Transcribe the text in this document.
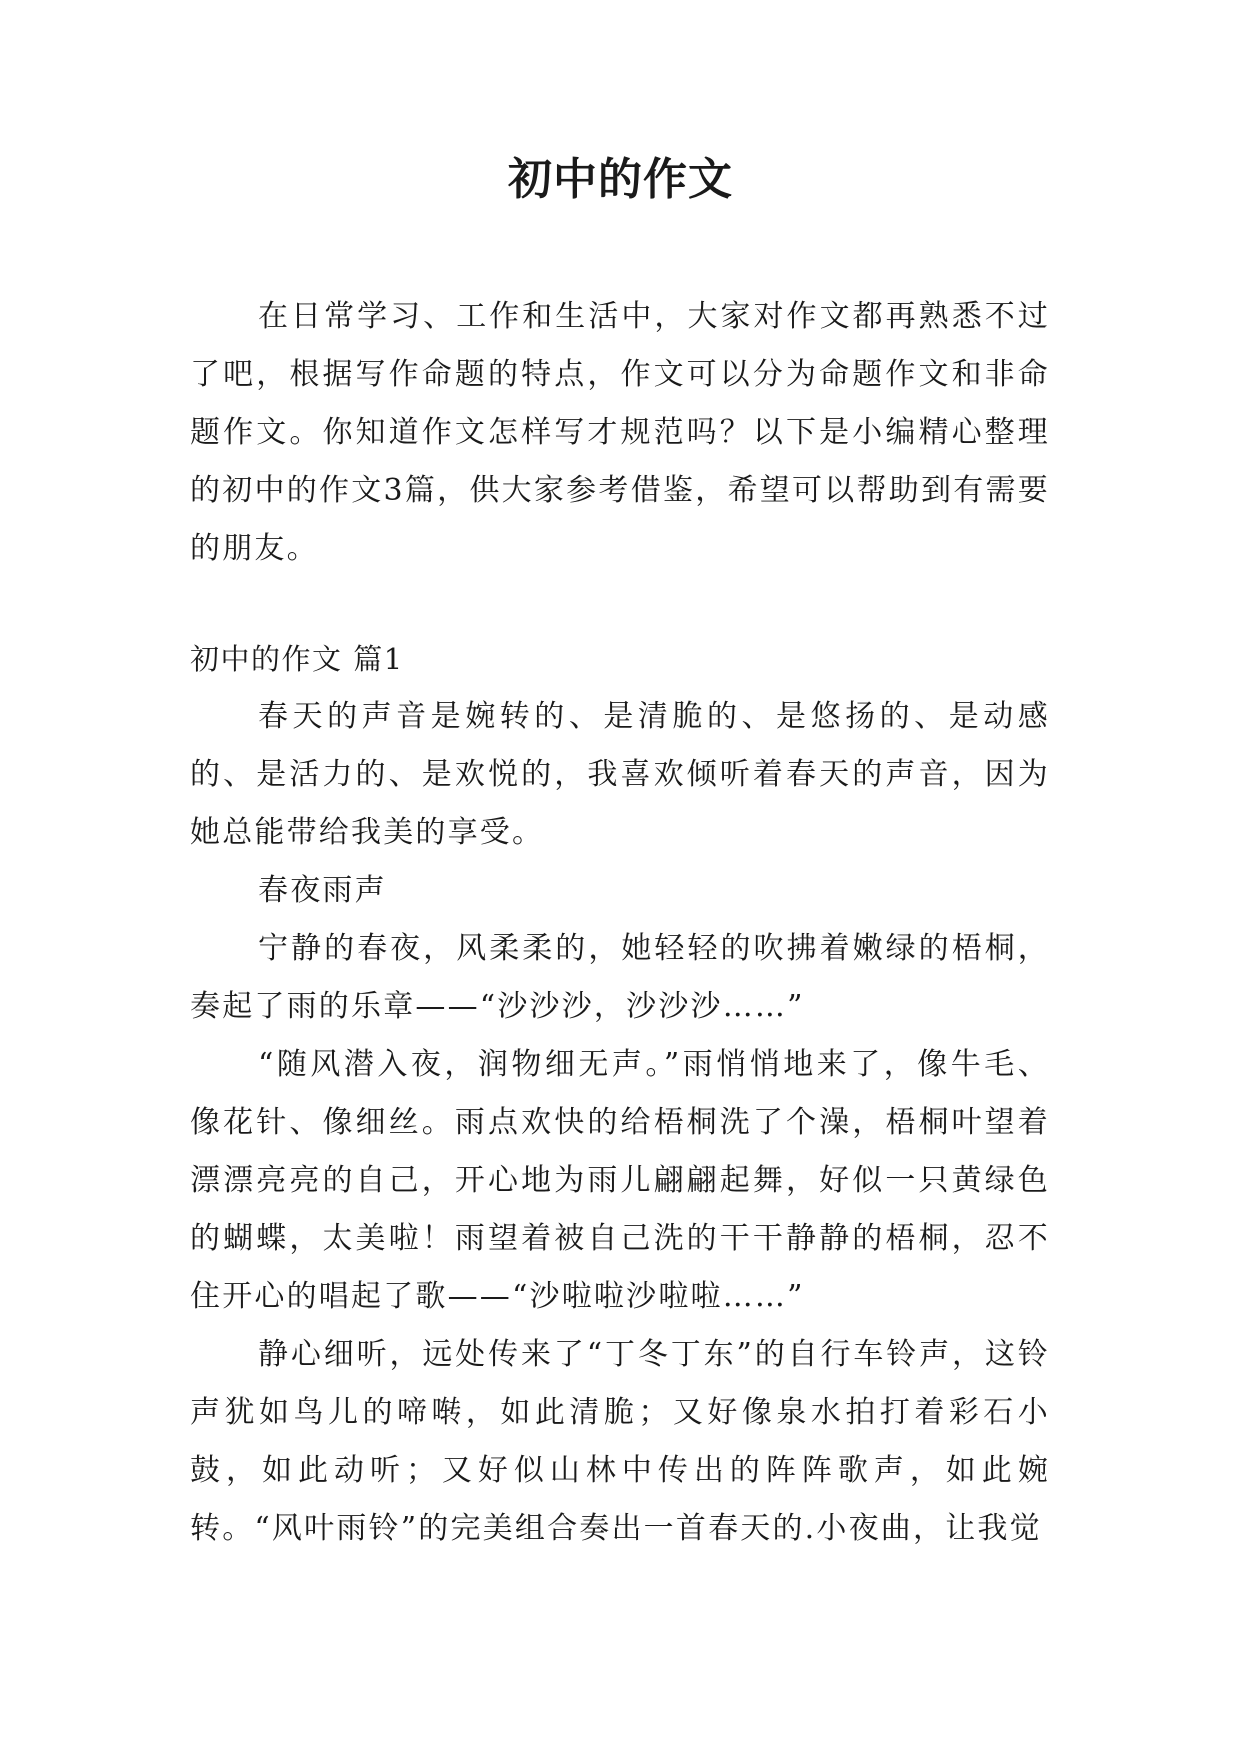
初中的作文

在日常学习、工作和生活中，大家对作文都再熟悉不过了吧，根据写作命题的特点，作文可以分为命题作文和非命题作文。你知道作文怎样写才规范吗？以下是小编精心整理的初中的作文3篇，供大家参考借鉴，希望可以帮助到有需要的朋友。

初中的作文 篇1

春天的声音是婉转的、是清脆的、是悠扬的、是动感的、是活力的、是欢悦的，我喜欢倾听着春天的声音，因为她总能带给我美的享受。

春夜雨声

宁静的春夜，风柔柔的，她轻轻的吹拂着嫩绿的梧桐，奏起了雨的乐章——“沙沙沙，沙沙沙……”

“随风潜入夜，润物细无声。”雨悄悄地来了，像牛毛、像花针、像细丝。雨点欢快的给梧桐洗了个澡，梧桐叶望着漂漂亮亮的自己，开心地为雨儿翩翩起舞，好似一只黄绿色的蝴蝶，太美啦！雨望着被自己洗的干干静静的梧桐，忍不住开心的唱起了歌——“沙啦啦沙啦啦……”

静心细听，远处传来了“丁冬丁东”的自行车铃声，这铃声犹如鸟儿的啼啭，如此清脆；又好像泉水拍打着彩石小鼓，如此动听；又好似山林中传出的阵阵歌声，如此婉转。“风叶雨铃”的完美组合奏出一首春天的.小夜曲，让我觉
